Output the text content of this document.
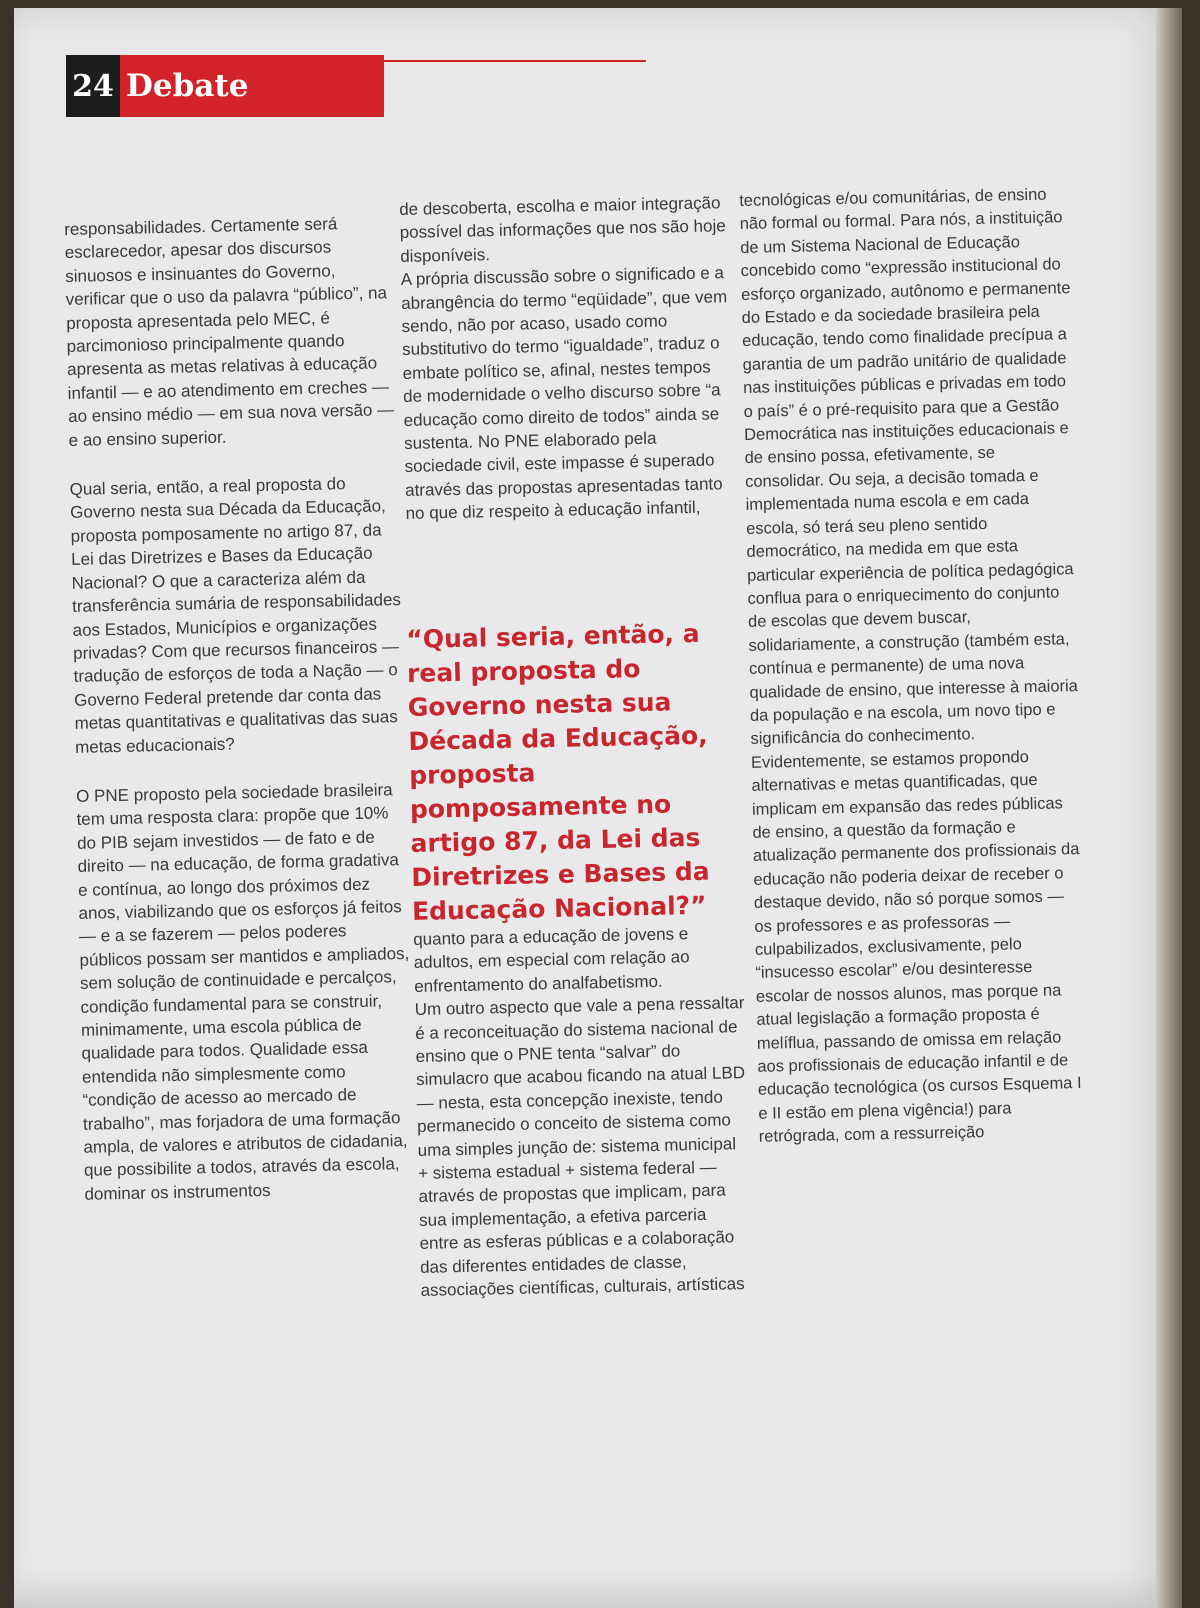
24 Debate

responsabilidades. Certamente será esclarecedor, apesar dos discursos sinuosos e insinuantes do Governo, verificar que o uso da palavra “público”, na proposta apresentada pelo MEC, é parcimonioso principalmente quando apresenta as metas relativas à educação infantil — e ao atendimento em creches — ao ensino médio — em sua nova versão — e ao ensino superior.

Qual seria, então, a real proposta do Governo nesta sua Década da Educação, proposta pomposamente no artigo 87, da Lei das Diretrizes e Bases da Educação Nacional? O que a caracteriza além da transferência sumária de responsabilidades aos Estados, Municípios e organizações privadas? Com que recursos financeiros — tradução de esforços de toda a Nação — o Governo Federal pretende dar conta das metas quantitativas e qualitativas das suas metas educacionais?

O PNE proposto pela sociedade brasileira tem uma resposta clara: propõe que 10% do PIB sejam investidos — de fato e de direito — na educação, de forma gradativa e contínua, ao longo dos próximos dez anos, viabilizando que os esforços já feitos — e a se fazerem — pelos poderes públicos possam ser mantidos e ampliados, sem solução de continuidade e percalços, condição fundamental para se construir, minimamente, uma escola pública de qualidade para todos. Qualidade essa entendida não simplesmente como “condição de acesso ao mercado de trabalho”, mas forjadora de uma formação ampla, de valores e atributos de cidadania, que possibilite a todos, através da escola, dominar os instrumentos

de descoberta, escolha e maior integração possível das informações que nos são hoje disponíveis.

A própria discussão sobre o significado e a abrangência do termo “eqüidade”, que vem sendo, não por acaso, usado como substitutivo do termo “igualdade”, traduz o embate político se, afinal, nestes tempos de modernidade o velho discurso sobre “a educação como direito de todos” ainda se sustenta. No PNE elaborado pela sociedade civil, este impasse é superado através das propostas apresentadas tanto no que diz respeito à educação infantil,

“Qual seria, então, a real proposta do Governo nesta sua Década da Educação, proposta pomposamente no artigo 87, da Lei das Diretrizes e Bases da Educação Nacional?”

quanto para a educação de jovens e adultos, em especial com relação ao enfrentamento do analfabetismo.

Um outro aspecto que vale a pena ressaltar é a reconceituação do sistema nacional de ensino que o PNE tenta “salvar” do simulacro que acabou ficando na atual LBD — nesta, esta concepção inexiste, tendo permanecido o conceito de sistema como uma simples junção de: sistema municipal + sistema estadual + sistema federal — através de propostas que implicam, para sua implementação, a efetiva parceria entre as esferas públicas e a colaboração das diferentes entidades de classe, associações científicas, culturais, artísticas

tecnológicas e/ou comunitárias, de ensino não formal ou formal. Para nós, a instituição de um Sistema Nacional de Educação concebido como “expressão institucional do esforço organizado, autônomo e permanente do Estado e da sociedade brasileira pela educação, tendo como finalidade precípua a garantia de um padrão unitário de qualidade nas instituições públicas e privadas em todo o país” é o pré-requisito para que a Gestão Democrática nas instituições educacionais e de ensino possa, efetivamente, se consolidar. Ou seja, a decisão tomada e implementada numa escola e em cada escola, só terá seu pleno sentido democrático, na medida em que esta particular experiência de política pedagógica conflua para o enriquecimento do conjunto de escolas que devem buscar, solidariamente, a construção (também esta, contínua e permanente) de uma nova qualidade de ensino, que interesse à maioria da população e na escola, um novo tipo e significância do conhecimento.

Evidentemente, se estamos propondo alternativas e metas quantificadas, que implicam em expansão das redes públicas de ensino, a questão da formação e atualização permanente dos profissionais da educação não poderia deixar de receber o destaque devido, não só porque somos — os professores e as professoras — culpabilizados, exclusivamente, pelo “insucesso escolar” e/ou desinteresse escolar de nossos alunos, mas porque na atual legislação a formação proposta é melíflua, passando de omissa em relação aos profissionais de educação infantil e de educação tecnológica (os cursos Esquema I e II estão em plena vigência!) para retrógrada, com a ressurreição
